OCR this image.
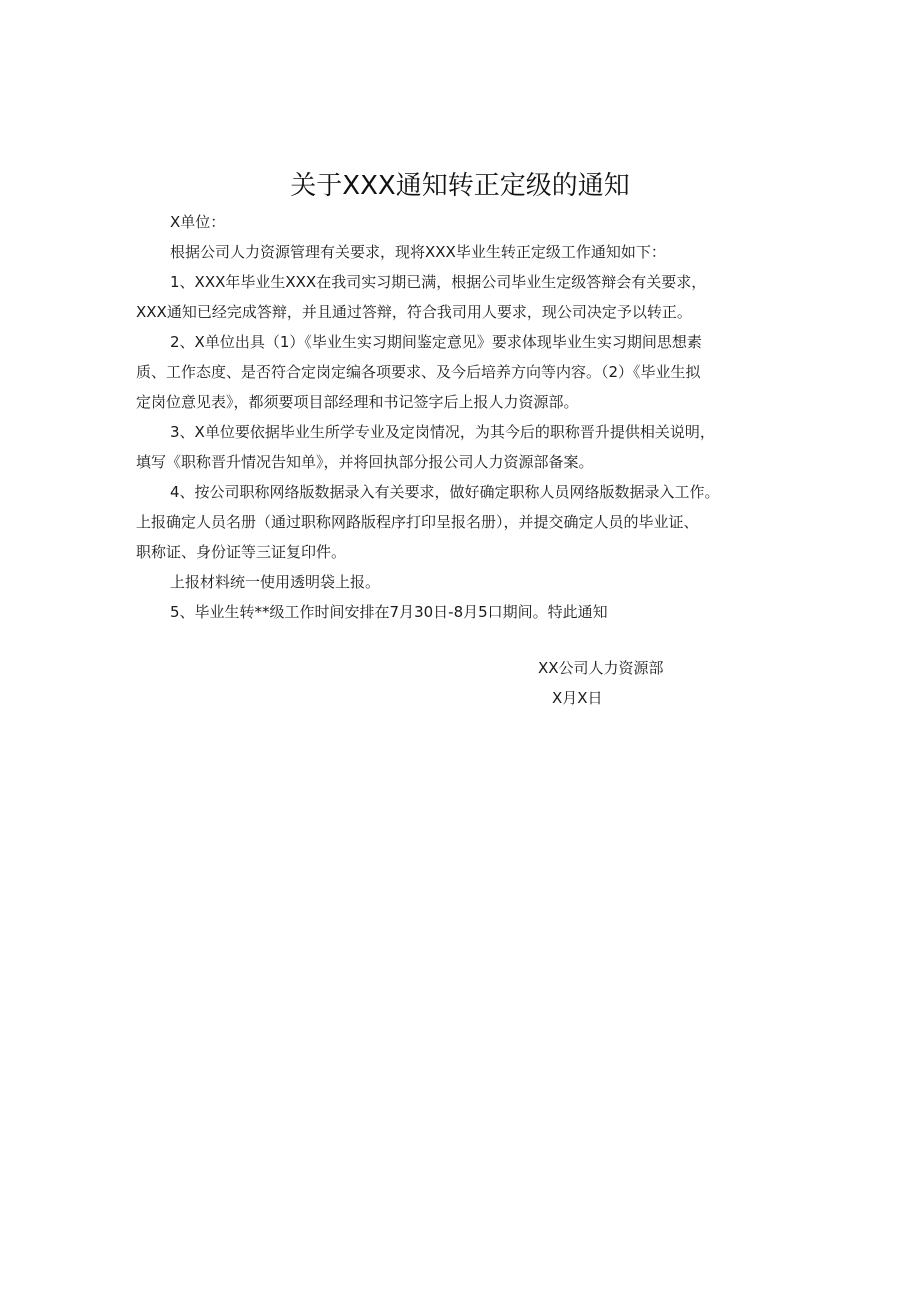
关于XXX通知转正定级的通知
X单位：
根据公司人力资源管理有关要求，现将XXX毕业生转正定级工作通知如下：
1、XXX年毕业生XXX在我司实习期已满，根据公司毕业生定级答辩会有关要求，
XXX通知已经完成答辩，并且通过答辩，符合我司用人要求，现公司决定予以转正。
2、X单位出具（1）《毕业生实习期间鉴定意见》要求体现毕业生实习期间思想素
质、工作态度、是否符合定岗定编各项要求、及今后培养方向等内容。（2）《毕业生拟
定岗位意见表》，都须要项目部经理和书记签字后上报人力资源部。
3、X单位要依据毕业生所学专业及定岗情况，为其今后的职称晋升提供相关说明，
填写《职称晋升情况告知单》，并将回执部分报公司人力资源部备案。
4、按公司职称网络版数据录入有关要求，做好确定职称人员网络版数据录入工作。
上报确定人员名册（通过职称网路版程序打印呈报名册），并提交确定人员的毕业证、
职称证、身份证等三证复印件。
上报材料统一使用透明袋上报。
5、毕业生转**级工作时间安排在7月30日-8月5口期间。特此通知
XX公司人力资源部
X月X日
